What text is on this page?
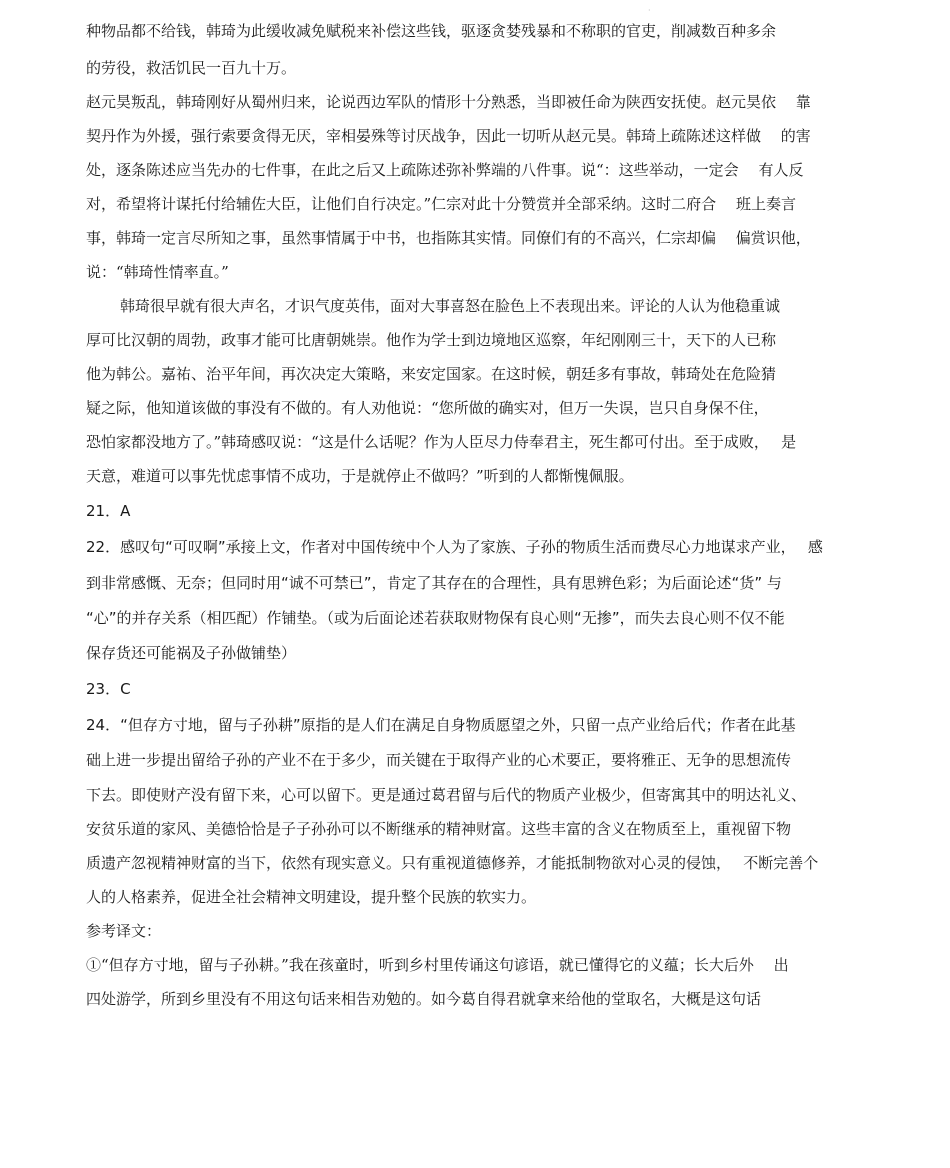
·
种物品都不给钱，韩琦为此缓收减免赋税来补偿这些钱，驱逐贪婪残暴和不称职的官吏，削减数百种多余
的劳役，救活饥民一百九十万。
赵元昊叛乱，韩琦刚好从蜀州归来，论说西边军队的情形十分熟悉，当即被任命为陕西安抚使。赵元昊依　 靠
契丹作为外援，强行索要贪得无厌，宰相晏殊等讨厌战争，因此一切听从赵元昊。韩琦上疏陈述这样做　 的害
处，逐条陈述应当先办的七件事，在此之后又上疏陈述弥补弊端的八件事。说“：这些举动，一定会　 有人反
对，希望将计谋托付给辅佐大臣，让他们自行决定。”仁宗对此十分赞赏并全部采纳。这时二府合　 班上奏言
事，韩琦一定言尽所知之事，虽然事情属于中书，也指陈其实情。同僚们有的不高兴，仁宗却偏　 偏赏识他，
说：“韩琦性情率直。”
韩琦很早就有很大声名，才识气度英伟，面对大事喜怒在脸色上不表现出来。评论的人认为他稳重诚
厚可比汉朝的周勃，政事才能可比唐朝姚崇。他作为学士到边境地区巡察，年纪刚刚三十，天下的人已称
他为韩公。嘉祐、治平年间，再次决定大策略，来安定国家。在这时候，朝廷多有事故，韩琦处在危险猜
疑之际，他知道该做的事没有不做的。有人劝他说：“您所做的确实对，但万一失误，岂只自身保不住，
恐怕家都没地方了。”韩琦感叹说：“这是什么话呢？作为人臣尽力侍奉君主，死生都可付出。至于成败，　 是
天意，难道可以事先忧虑事情不成功，于是就停止不做吗？”听到的人都惭愧佩服。
21．A
22．感叹句“可叹啊”承接上文，作者对中国传统中个人为了家族、子孙的物质生活而费尽心力地谋求产业，　 感
到非常感慨、无奈；但同时用“诚不可禁已”，肯定了其存在的合理性，具有思辨色彩；为后面论述“货” 与
“心”的并存关系（相匹配）作铺垫。（或为后面论述若获取财物保有良心则“无掺”，而失去良心则不仅不能
保存货还可能祸及子孙做铺垫）
23．C
24．“但存方寸地，留与子孙耕”原指的是人们在满足自身物质愿望之外，只留一点产业给后代；作者在此基
础上进一步提出留给子孙的产业不在于多少，而关键在于取得产业的心术要正，要将雅正、无争的思想流传
下去。即使财产没有留下来，心可以留下。更是通过葛君留与后代的物质产业极少，但寄寓其中的明达礼义、
安贫乐道的家风、美德恰恰是子子孙孙可以不断继承的精神财富。这些丰富的含义在物质至上，重视留下物
质遗产忽视精神财富的当下，依然有现实意义。只有重视道德修养，才能抵制物欲对心灵的侵蚀，　 不断完善个
人的人格素养，促进全社会精神文明建设，提升整个民族的软实力。
参考译文：
①“但存方寸地，留与子孙耕。”我在孩童时，听到乡村里传诵这句谚语，就已懂得它的义蕴；长大后外　 出
四处游学，所到乡里没有不用这句话来相告劝勉的。如今葛自得君就拿来给他的堂取名，大概是这句话
